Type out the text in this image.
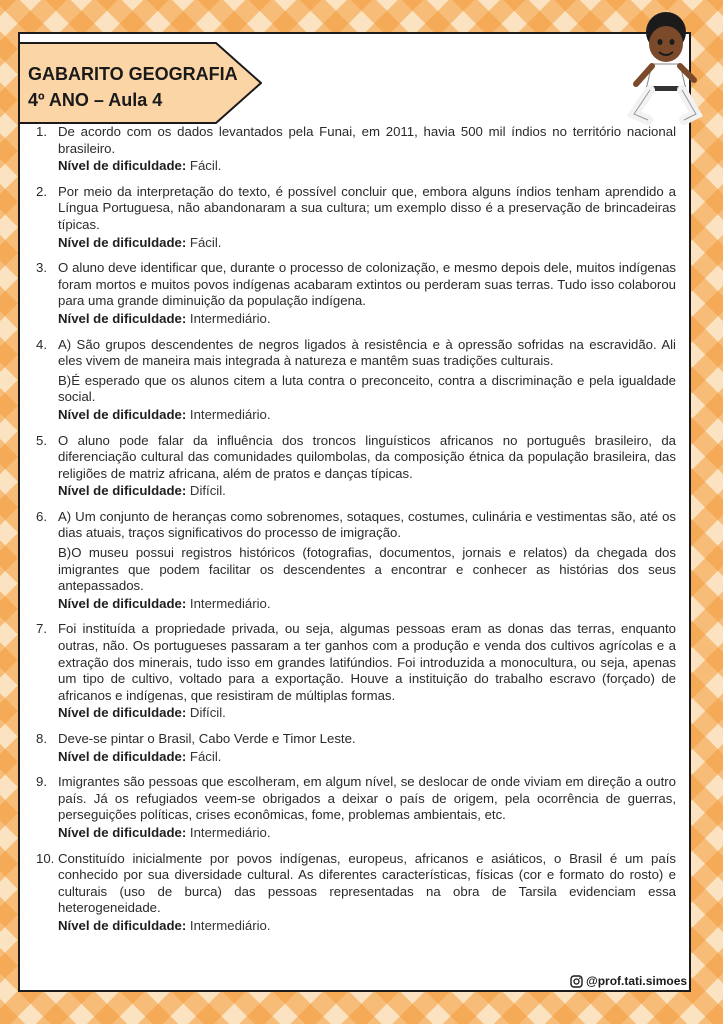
GABARITO GEOGRAFIA
4º ANO – Aula 4
1. De acordo com os dados levantados pela Funai, em 2011, havia 500 mil índios no território nacional brasileiro.

Nível de dificuldade: Fácil.
2. Por meio da interpretação do texto, é possível concluir que, embora alguns índios tenham aprendido a Língua Portuguesa, não abandonaram a sua cultura; um exemplo disso é a preservação de brincadeiras típicas.

Nível de dificuldade: Fácil.
3. O aluno deve identificar que, durante o processo de colonização, e mesmo depois dele, muitos indígenas foram mortos e muitos povos indígenas acabaram extintos ou perderam suas terras. Tudo isso colaborou para uma grande diminuição da população indígena.

Nível de dificuldade: Intermediário.
4. A) São grupos descendentes de negros ligados à resistência e à opressão sofridas na escravidão. Ali eles vivem de maneira mais integrada à natureza e mantêm suas tradições culturais.

B)É esperado que os alunos citem a luta contra o preconceito, contra a discriminação e pela igualdade social.

Nível de dificuldade: Intermediário.
5. O aluno pode falar da influência dos troncos linguísticos africanos no português brasileiro, da diferenciação cultural das comunidades quilombolas, da composição étnica da população brasileira, das religiões de matriz africana, além de pratos e danças típicas.

Nível de dificuldade: Difícil.
6. A) Um conjunto de heranças como sobrenomes, sotaques, costumes, culinária e vestimentas são, até os dias atuais, traços significativos do processo de imigração.

B)O museu possui registros históricos (fotografias, documentos, jornais e relatos) da chegada dos imigrantes que podem facilitar os descendentes a encontrar e conhecer as histórias dos seus antepassados.

Nível de dificuldade: Intermediário.
7. Foi instituída a propriedade privada, ou seja, algumas pessoas eram as donas das terras, enquanto outras, não. Os portugueses passaram a ter ganhos com a produção e venda dos cultivos agrícolas e a extração dos minerais, tudo isso em grandes latifúndios. Foi introduzida a monocultura, ou seja, apenas um tipo de cultivo, voltado para a exportação. Houve a instituição do trabalho escravo (forçado) de africanos e indígenas, que resistiram de múltiplas formas.

Nível de dificuldade: Difícil.
8. Deve-se pintar o Brasil, Cabo Verde e Timor Leste.

Nível de dificuldade: Fácil.
9. Imigrantes são pessoas que escolheram, em algum nível, se deslocar de onde viviam em direção a outro país. Já os refugiados veem-se obrigados a deixar o país de origem, pela ocorrência de guerras, perseguições políticas, crises econômicas, fome, problemas ambientais, etc.

Nível de dificuldade: Intermediário.
10. Constituído inicialmente por povos indígenas, europeus, africanos e asiáticos, o Brasil é um país conhecido por sua diversidade cultural. As diferentes características, físicas (cor e formato do rosto) e culturais (uso de burca) das pessoas representadas na obra de Tarsila evidenciam essa heterogeneidade.

Nível de dificuldade: Intermediário.
@prof.tati.simoes
